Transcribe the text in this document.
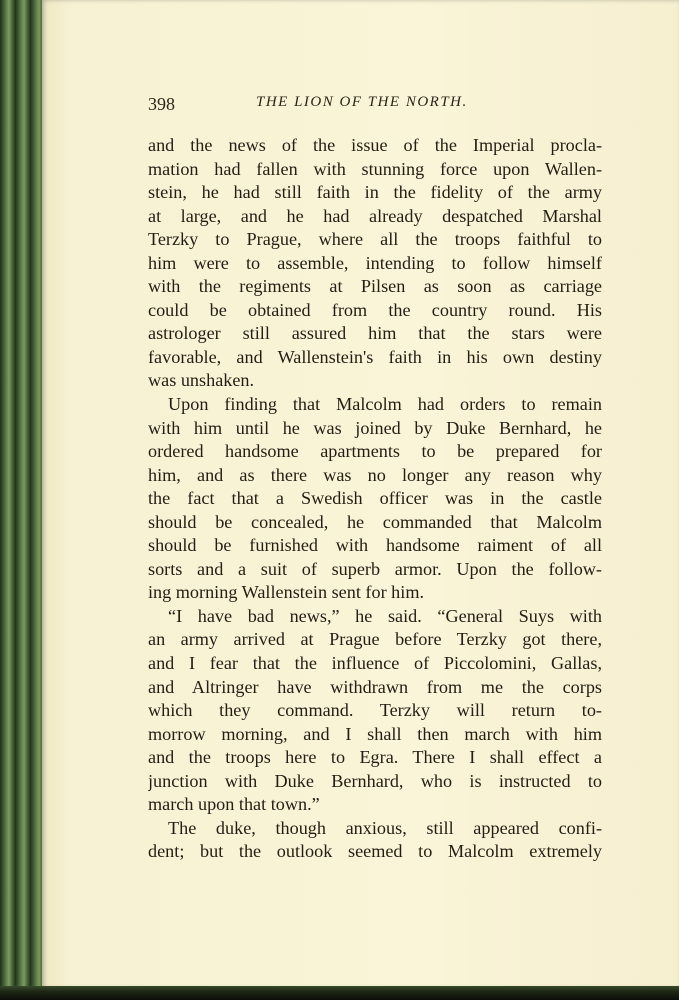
398	THE LION OF THE NORTH.
and the news of the issue of the Imperial procla-
mation had fallen with stunning force upon Wallen-
stein, he had still faith in the fidelity of the army
at large, and he had already despatched Marshal
Terzky to Prague, where all the troops faithful to
him were to assemble, intending to follow himself
with the regiments at Pilsen as soon as carriage
could be obtained from the country round. His
astrologer still assured him that the stars were
favorable, and Wallenstein's faith in his own destiny
was unshaken.
Upon finding that Malcolm had orders to remain
with him until he was joined by Duke Bernhard, he
ordered handsome apartments to be prepared for
him, and as there was no longer any reason why
the fact that a Swedish officer was in the castle
should be concealed, he commanded that Malcolm
should be furnished with handsome raiment of all
sorts and a suit of superb armor. Upon the follow-
ing morning Wallenstein sent for him.
“I have bad news,” he said. “General Suys with
an army arrived at Prague before Terzky got there,
and I fear that the influence of Piccolomini, Gallas,
and Altringer have withdrawn from me the corps
which they command. Terzky will return to-
morrow morning, and I shall then march with him
and the troops here to Egra. There I shall effect a
junction with Duke Bernhard, who is instructed to
march upon that town.”
The duke, though anxious, still appeared confi-
dent; but the outlook seemed to Malcolm extremely
